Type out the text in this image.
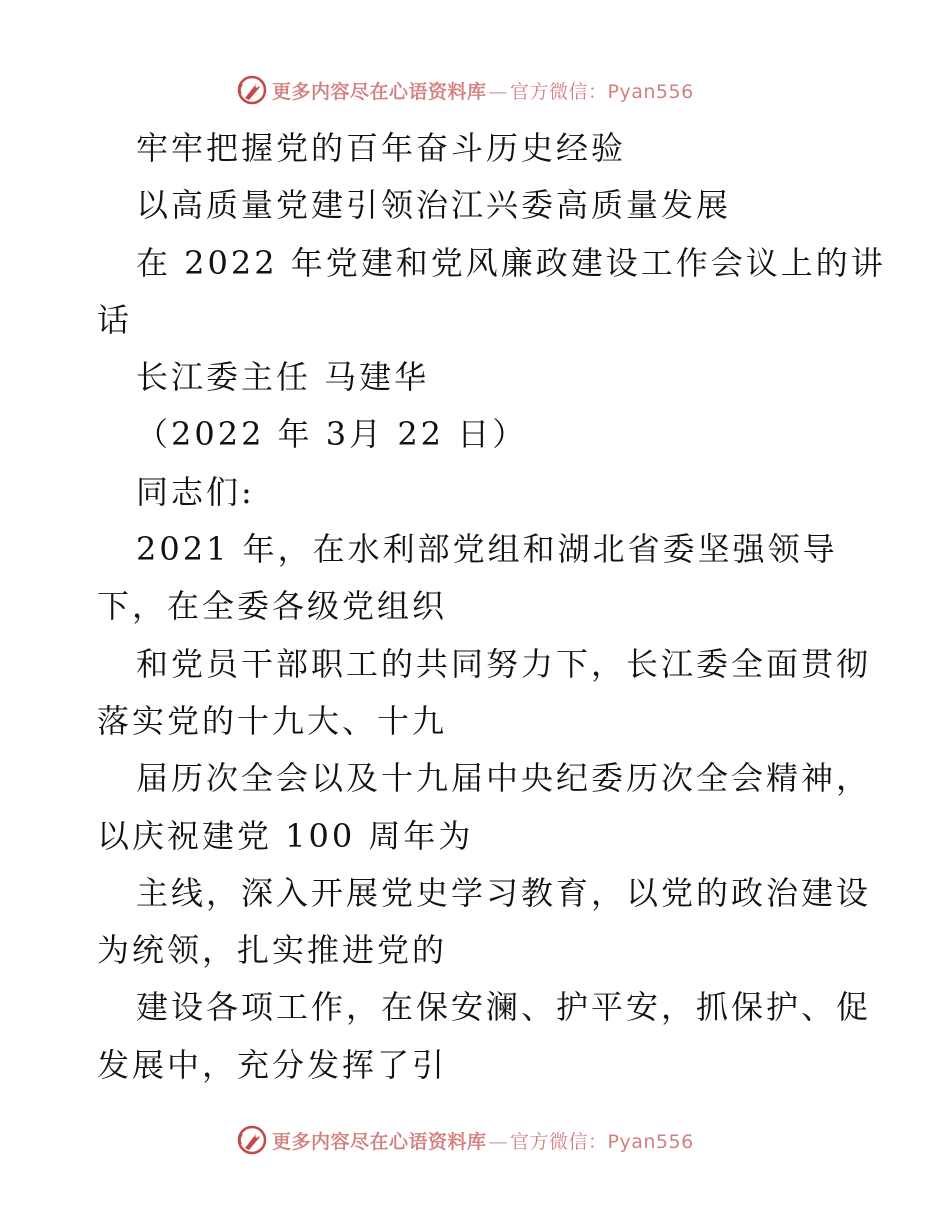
更多内容尽在心语资料库 — 官方微信：Pyan556
牢牢把握党的百年奋斗历史经验
以高质量党建引领治江兴委高质量发展
在 2022 年党建和党风廉政建设工作会议上的讲
话
长江委主任 马建华
（2022 年 3月 22 日）
同志们:
2021 年，在水利部党组和湖北省委坚强领导
下，在全委各级党组织
和党员干部职工的共同努力下，长江委全面贯彻
落实党的十九大、十九
届历次全会以及十九届中央纪委历次全会精神，
以庆祝建党 100 周年为
主线，深入开展党史学习教育，以党的政治建设
为统领，扎实推进党的
建设各项工作，在保安澜、护平安，抓保护、促
发展中，充分发挥了引
更多内容尽在心语资料库 — 官方微信：Pyan556
